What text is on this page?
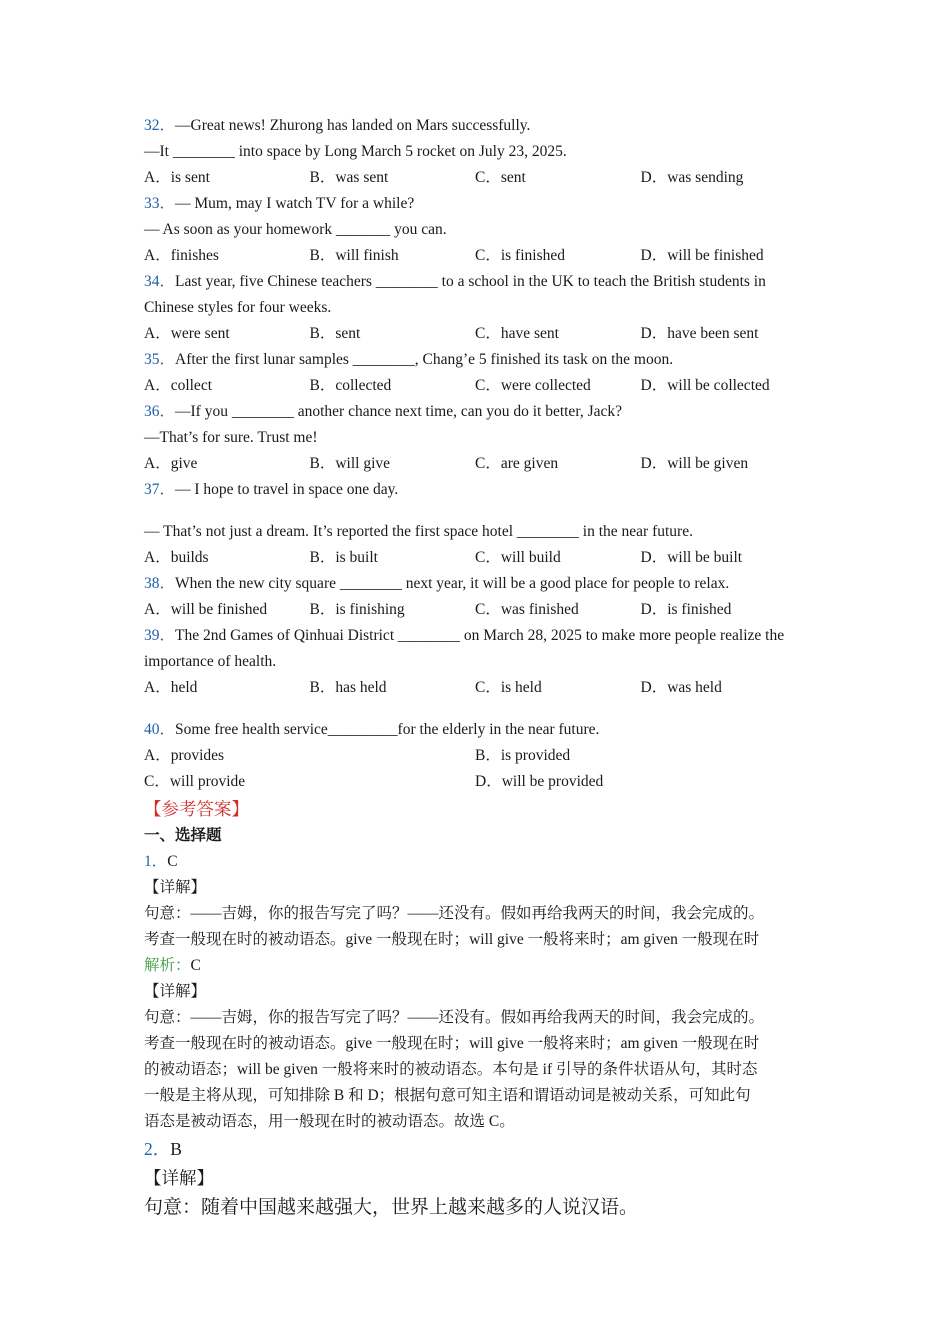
32．—Great news! Zhurong has landed on Mars successfully.
—It ________ into space by Long March 5 rocket on July 23, 2025.
A．is sent	B．was sent	C．sent	D．was sending
33．— Mum, may I watch TV for a while?
— As soon as your homework _______ you can.
A．finishes	B．will finish	C．is finished	D．will be finished
34．Last year, five Chinese teachers ________ to a school in the UK to teach the British students in Chinese styles for four weeks.
A．were sent	B．sent	C．have sent	D．have been sent
35．After the first lunar samples ________, Chang’e 5 finished its task on the moon.
A．collect	B．collected	C．were collected	D．will be collected
36．—If you ________ another chance next time, can you do it better, Jack?
—That’s for sure. Trust me!
A．give	B．will give	C．are given	D．will be given
37．— I hope to travel in space one day.
— That’s not just a dream. It’s reported the first space hotel ________ in the near future.
A．builds	B．is built	C．will build	D．will be built
38．When the new city square ________ next year, it will be a good place for people to relax.
A．will be finished	B．is finishing	C．was finished	D．is finished
39．The 2nd Games of Qinhuai District ________ on March 28, 2025 to make more people realize the importance of health.
A．held	B．has held	C．is held	D．was held
40．Some free health service_________for the elderly in the near future.
A．provides	B．is provided
C．will provide	D．will be provided
【参考答案】
一、选择题
1．C
【详解】
句意：——吉姆，你的报告写完了吗？——还没有。假如再给我两天的时间，我会完成的。
考查一般现在时的被动语态。give 一般现在时；will give 一般将来时；am given 一般现在时
解析：C
【详解】
句意：——吉姆，你的报告写完了吗？——还没有。假如再给我两天的时间，我会完成的。
考查一般现在时的被动语态。give 一般现在时；will give 一般将来时；am given 一般现在时
的被动语态；will be given 一般将来时的被动语态。本句是 if 引导的条件状语从句，其时态
一般是主将从现，可知排除 B 和 D；根据句意可知主语和谓语动词是被动关系，可知此句
语态是被动语态，用一般现在时的被动语态。故选 C。
2．B
【详解】
句意：随着中国越来越强大，世界上越来越多的人说汉语。
